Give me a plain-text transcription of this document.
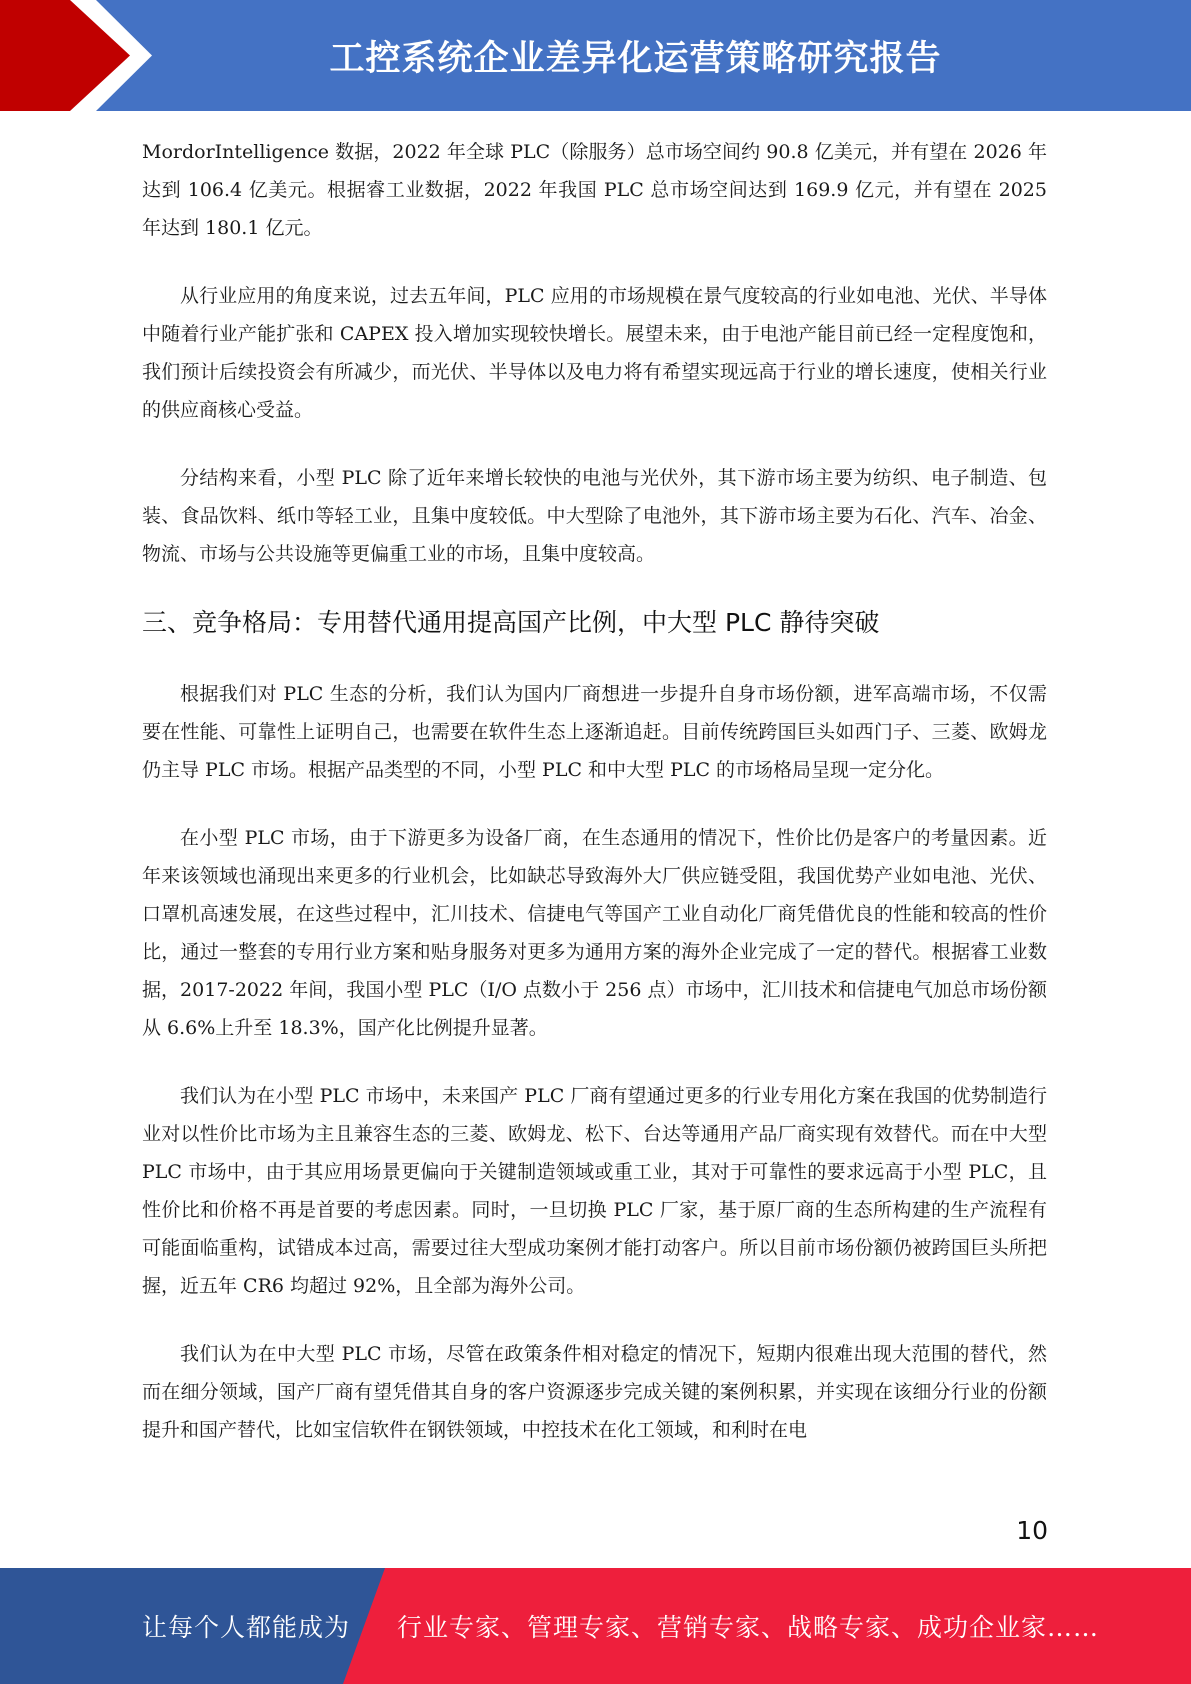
工控系统企业差异化运营策略研究报告

MordorIntelligence 数据，2022 年全球 PLC（除服务）总市场空间约 90.8 亿美元，并有望在 2026 年达到 106.4 亿美元。根据睿工业数据，2022 年我国 PLC 总市场空间达到 169.9 亿元，并有望在 2025 年达到 180.1 亿元。

从行业应用的角度来说，过去五年间，PLC 应用的市场规模在景气度较高的行业如电池、光伏、半导体中随着行业产能扩张和 CAPEX 投入增加实现较快增长。展望未来，由于电池产能目前已经一定程度饱和，我们预计后续投资会有所减少，而光伏、半导体以及电力将有希望实现远高于行业的增长速度，使相关行业的供应商核心受益。

分结构来看，小型 PLC 除了近年来增长较快的电池与光伏外，其下游市场主要为纺织、电子制造、包装、食品饮料、纸巾等轻工业，且集中度较低。中大型除了电池外，其下游市场主要为石化、汽车、冶金、物流、市场与公共设施等更偏重工业的市场，且集中度较高。

三、竞争格局：专用替代通用提高国产比例，中大型 PLC 静待突破

根据我们对 PLC 生态的分析，我们认为国内厂商想进一步提升自身市场份额，进军高端市场，不仅需要在性能、可靠性上证明自己，也需要在软件生态上逐渐追赶。目前传统跨国巨头如西门子、三菱、欧姆龙仍主导 PLC 市场。根据产品类型的不同，小型 PLC 和中大型 PLC 的市场格局呈现一定分化。

在小型 PLC 市场，由于下游更多为设备厂商，在生态通用的情况下，性价比仍是客户的考量因素。近年来该领域也涌现出来更多的行业机会，比如缺芯导致海外大厂供应链受阻，我国优势产业如电池、光伏、口罩机高速发展，在这些过程中，汇川技术、信捷电气等国产工业自动化厂商凭借优良的性能和较高的性价比，通过一整套的专用行业方案和贴身服务对更多为通用方案的海外企业完成了一定的替代。根据睿工业数据，2017-2022 年间，我国小型 PLC（I/O 点数小于 256 点）市场中，汇川技术和信捷电气加总市场份额从 6.6%上升至 18.3%，国产化比例提升显著。

我们认为在小型 PLC 市场中，未来国产 PLC 厂商有望通过更多的行业专用化方案在我国的优势制造行业对以性价比市场为主且兼容生态的三菱、欧姆龙、松下、台达等通用产品厂商实现有效替代。而在中大型 PLC 市场中，由于其应用场景更偏向于关键制造领域或重工业，其对于可靠性的要求远高于小型 PLC，且性价比和价格不再是首要的考虑因素。同时，一旦切换 PLC 厂家，基于原厂商的生态所构建的生产流程有可能面临重构，试错成本过高，需要过往大型成功案例才能打动客户。所以目前市场份额仍被跨国巨头所把握，近五年 CR6 均超过 92%，且全部为海外公司。

我们认为在中大型 PLC 市场，尽管在政策条件相对稳定的情况下，短期内很难出现大范围的替代，然而在细分领域，国产厂商有望凭借其自身的客户资源逐步完成关键的案例积累，并实现在该细分行业的份额提升和国产替代，比如宝信软件在钢铁领域，中控技术在化工领域，和利时在电

10
让每个人都能成为 行业专家、管理专家、营销专家、战略专家、成功企业家……
